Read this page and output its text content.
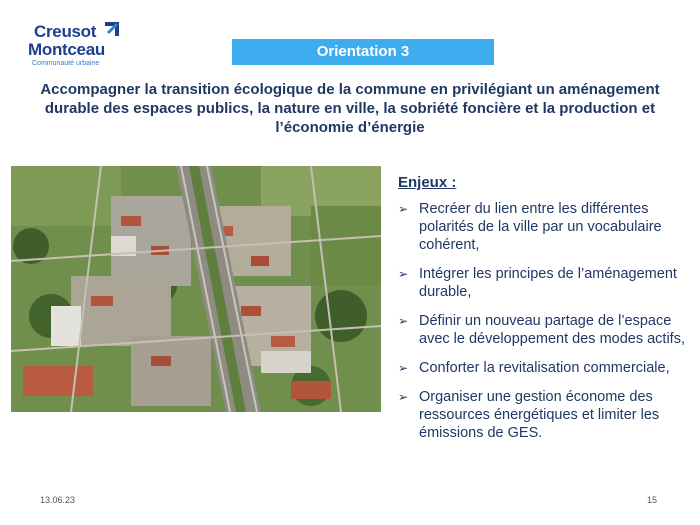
Creusot
Montceau
Communauté urbaine
Orientation 3
Accompagner la transition écologique de la commune en privilégiant un aménagement
durable des espaces publics, la nature en ville, la sobriété foncière et la production et
l’économie d’énergie
Enjeux :
➢ Recréer du lien entre les différentes polarités de la ville par un vocabulaire cohérent,
➢ Intégrer les principes de l’aménagement durable,
➢ Définir un nouveau partage de l’espace avec le développement des modes actifs,
➢ Conforter la revitalisation commerciale,
➢ Organiser une gestion économe des ressources énergétiques et limiter les émissions de GES.
13.06.23	15
